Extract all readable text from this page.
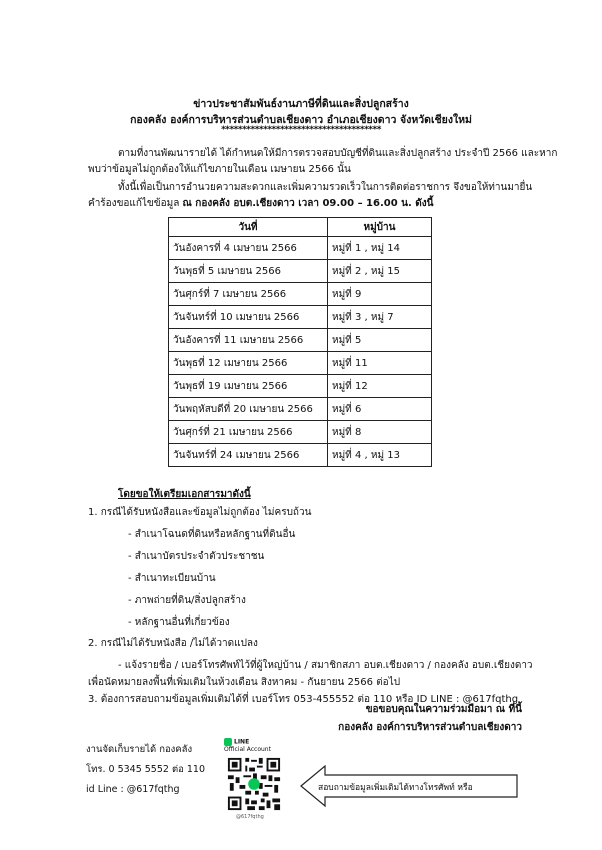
ข่าวประชาสัมพันธ์งานภาษีที่ดินและสิ่งปลูกสร้าง
กองคลัง องค์การบริหารส่วนตำบลเชียงดาว อำเภอเชียงดาว จังหวัดเชียงใหม่
**************************************
ตามที่งานพัฒนารายได้ ได้กำหนดให้มีการตรวจสอบบัญชีที่ดินและสิ่งปลูกสร้าง ประจำปี 2566 และหากพบว่าข้อมูลไม่ถูกต้องให้แก้ไขภายในเดือน เมษายน 2566 นั้น
ทั้งนี้เพื่อเป็นการอำนวยความสะดวกและเพิ่มความรวดเร็วในการติดต่อราชการ จึงขอให้ท่านมายื่นคำร้องขอแก้ไขข้อมูล ณ กองคลัง อบต.เชียงดาว เวลา 09.00 – 16.00 น. ดังนี้
วันที่	หมู่บ้าน
วันอังคารที่ 4 เมษายน 2566	หมู่ที่ 1 , หมู่ 14
วันพุธที่ 5 เมษายน 2566	หมู่ที่ 2 , หมู่ 15
วันศุกร์ที่ 7 เมษายน 2566	หมู่ที่ 9
วันจันทร์ที่ 10 เมษายน 2566	หมู่ที่ 3 , หมู่ 7
วันอังคารที่ 11 เมษายน 2566	หมู่ที่ 5
วันพุธที่ 12 เมษายน 2566	หมู่ที่ 11
วันพุธที่ 19 เมษายน 2566	หมู่ที่ 12
วันพฤหัสบดีที่ 20 เมษายน 2566	หมู่ที่ 6
วันศุกร์ที่ 21 เมษายน 2566	หมู่ที่ 8
วันจันทร์ที่ 24 เมษายน 2566	หมู่ที่ 4 , หมู่ 13
โดยขอให้เตรียมเอกสารมาดังนี้
1. กรณีได้รับหนังสือและข้อมูลไม่ถูกต้อง ไม่ครบถ้วน
- สำเนาโฉนดที่ดินหรือหลักฐานที่ดินอื่น
- สำเนาบัตรประจำตัวประชาชน
- สำเนาทะเบียนบ้าน
- ภาพถ่ายที่ดิน/สิ่งปลูกสร้าง
- หลักฐานอื่นที่เกี่ยวข้อง
2. กรณีไม่ได้รับหนังสือ /ไม่ได้วาดแปลง
- แจ้งรายชื่อ / เบอร์โทรศัพท์ไว้ที่ผู้ใหญ่บ้าน / สมาชิกสภา อบต.เชียงดาว / กองคลัง อบต.เชียงดาว
เพื่อนัดหมายลงพื้นที่เพิ่มเติมในห้วงเดือน สิงหาคม - กันยายน 2566 ต่อไป
ขอขอบคุณในความร่วมมือมา ณ ที่นี้
กองคลัง องค์การบริหารส่วนตำบลเชียงดาว
3. ต้องการสอบถามข้อมูลเพิ่มเติมได้ที่ เบอร์โทร 053-455552 ต่อ 110 หรือ ID LINE : @617fqthg
งานจัดเก็บรายได้ กองคลัง
โทร. 0 5345 5552 ต่อ 110
id Line : @617fqthg
LINE
Official Account
@617fqthg
สอบถามข้อมูลเพิ่มเติมได้ทางโทรศัพท์ หรือ
